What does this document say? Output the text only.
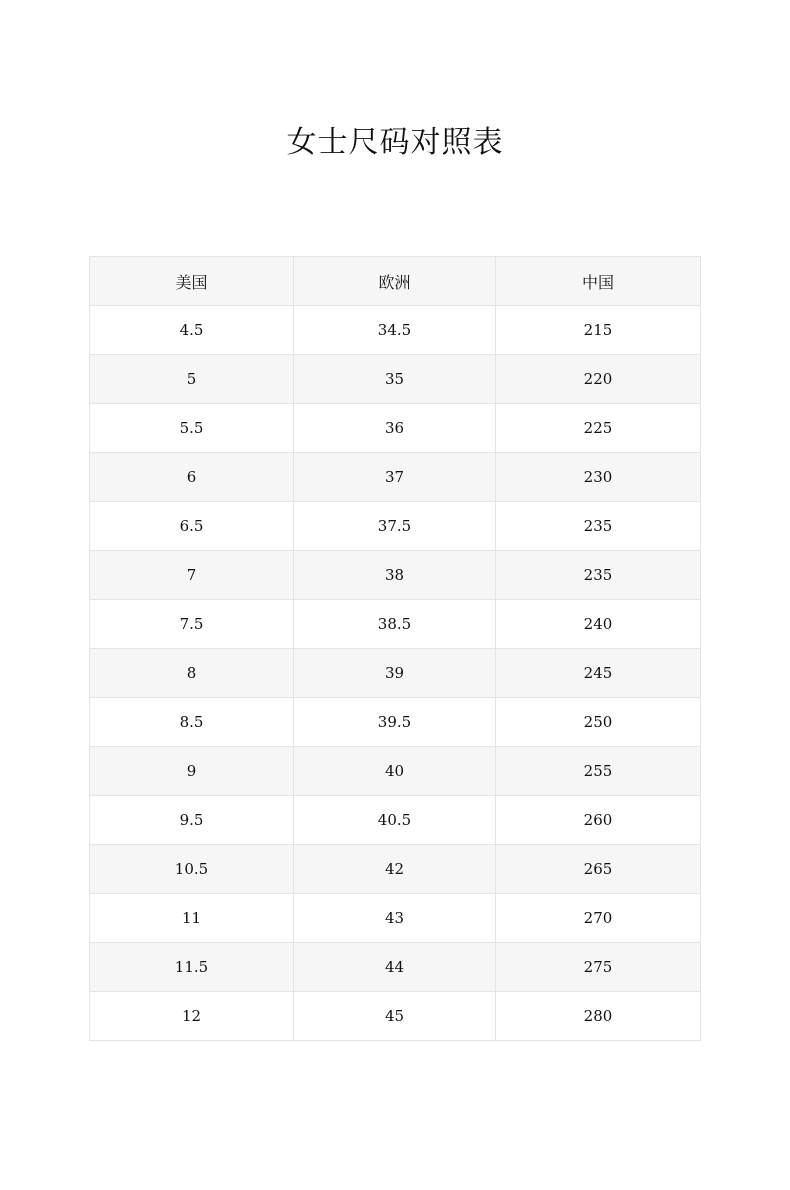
女士尺码对照表
美国	欧洲	中国
4.5	34.5	215
5	35	220
5.5	36	225
6	37	230
6.5	37.5	235
7	38	235
7.5	38.5	240
8	39	245
8.5	39.5	250
9	40	255
9.5	40.5	260
10.5	42	265
11	43	270
11.5	44	275
12	45	280
